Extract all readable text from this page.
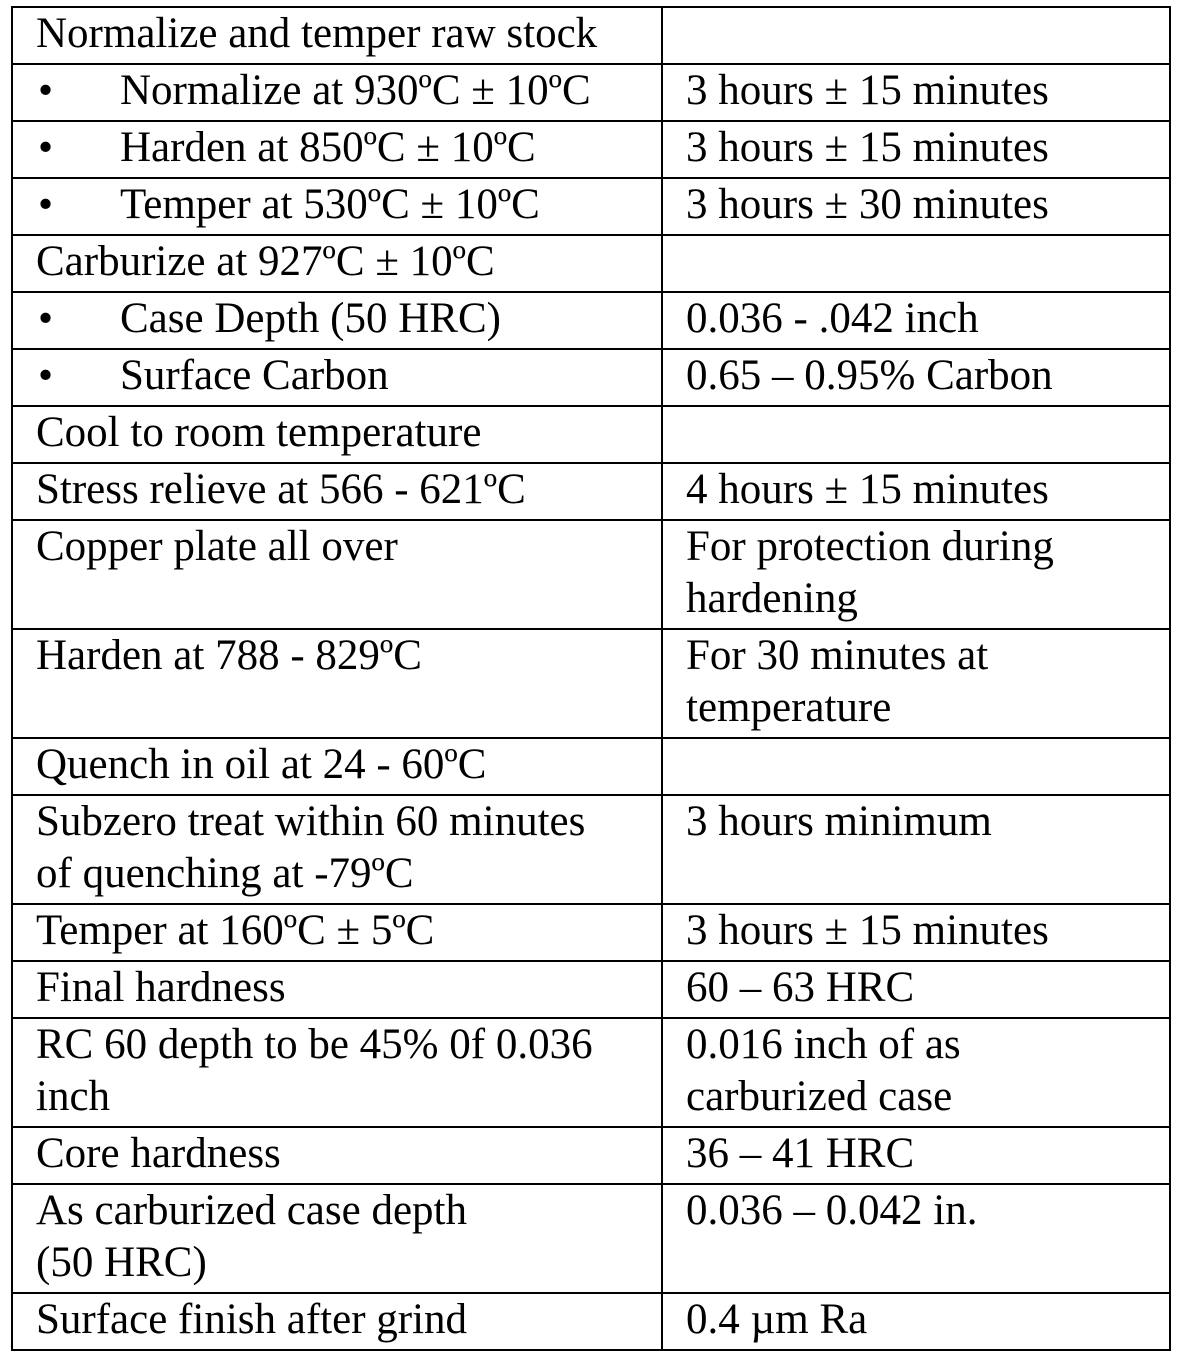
Normalize and temper raw stock	

• Normalize at 930ºC ± 10ºC	3 hours ± 15 minutes

• Harden at 850ºC ± 10ºC	3 hours ± 15 minutes

• Temper at 530ºC ± 10ºC	3 hours ± 30 minutes
Carburize at 927ºC ± 10ºC	

• Case Depth (50 HRC)	0.036 - .042 inch

• Surface Carbon	0.65 – 0.95% Carbon
Cool to room temperature	
Stress relieve at 566 - 621ºC	4 hours ± 15 minutes
Copper plate all over	For protection during
hardening

Harden at 788 - 829ºC	For 30 minutes at
temperature

Quench in oil at 24 - 60ºC	

Subzero treat within 60 minutes
of quenching at -79ºC	3 hours minimum
Temper at 160ºC ± 5ºC	3 hours ± 15 minutes
Final hardness	60 – 63 HRC

RC 60 depth to be 45% 0f 0.036
inch	0.016 inch of as
carburized case

Core hardness	36 – 41 HRC

As carburized case depth
(50 HRC)	0.036 – 0.042 in.
Surface finish after grind	0.4 µm Ra
